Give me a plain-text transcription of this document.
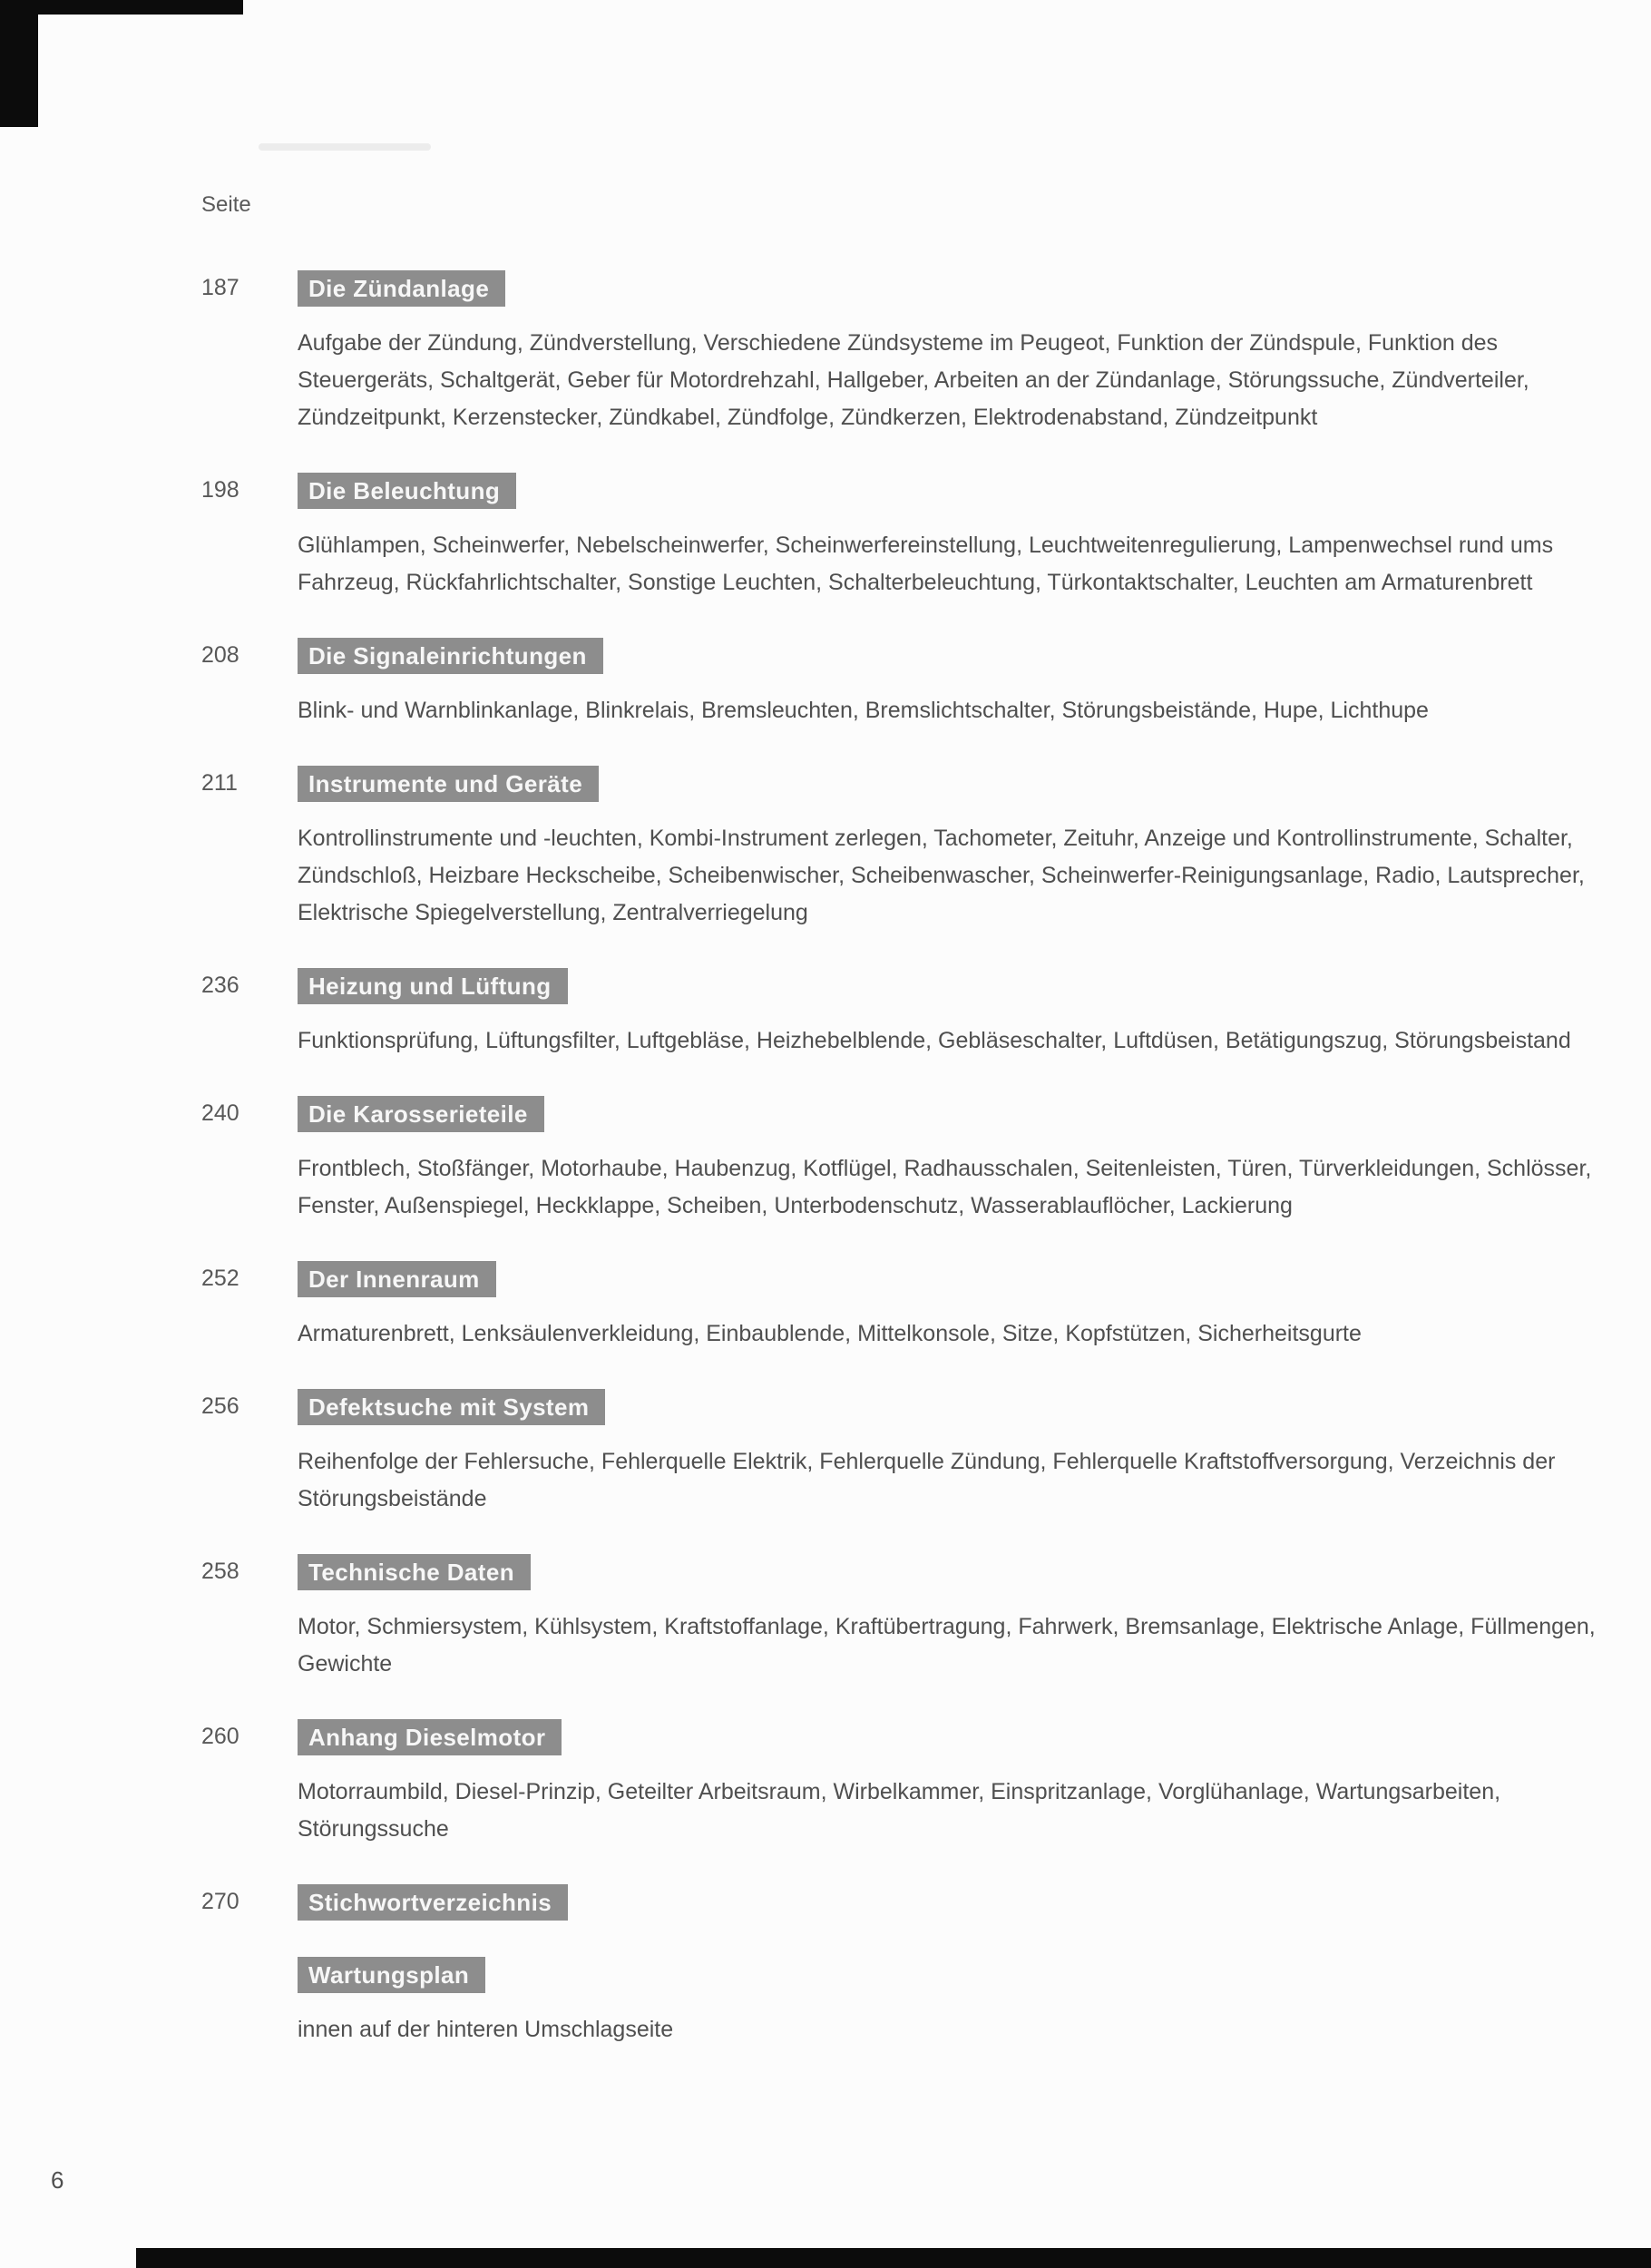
Seite
187	Die Zündanlage

Aufgabe der Zündung, Zündverstellung, Verschiedene Zündsysteme im Peugeot, Funktion der Zündspule, Funktion des Steuergeräts, Schaltgerät, Geber für Motordrehzahl, Hallgeber, Arbeiten an der Zündanlage, Störungssuche, Zündverteiler, Zündzeitpunkt, Kerzenstecker, Zündkabel, Zündfolge, Zündkerzen, Elektrodenabstand, Zündzeitpunkt

198	Die Beleuchtung

Glühlampen, Scheinwerfer, Nebelscheinwerfer, Scheinwerfereinstellung, Leuchtweitenregulierung, Lampenwechsel rund ums Fahrzeug, Rückfahrlichtschalter, Sonstige Leuchten, Schalterbeleuchtung, Türkontaktschalter, Leuchten am Armaturenbrett

208	Die Signaleinrichtungen

Blink- und Warnblinkanlage, Blinkrelais, Bremsleuchten, Bremslichtschalter, Störungsbeistände, Hupe, Lichthupe

211	Instrumente und Geräte

Kontrollinstrumente und -leuchten, Kombi-Instrument zerlegen, Tachometer, Zeituhr, Anzeige und Kontrollinstrumente, Schalter, Zündschloß, Heizbare Heckscheibe, Scheibenwischer, Scheibenwascher, Scheinwerfer-Reinigungsanlage, Radio, Lautsprecher, Elektrische Spiegelverstellung, Zentralverriegelung

236	Heizung und Lüftung

Funktionsprüfung, Lüftungsfilter, Luftgebläse, Heizhebelblende, Gebläseschalter, Luftdüsen, Betätigungszug, Störungsbeistand

240	Die Karosserieteile

Frontblech, Stoßfänger, Motorhaube, Haubenzug, Kotflügel, Radhausschalen, Seitenleisten, Türen, Türverkleidungen, Schlösser, Fenster, Außenspiegel, Heckklappe, Scheiben, Unterbodenschutz, Wasserablauflöcher, Lackierung

252	Der Innenraum

Armaturenbrett, Lenksäulenverkleidung, Einbaublende, Mittelkonsole, Sitze, Kopfstützen, Sicherheitsgurte

256	Defektsuche mit System

Reihenfolge der Fehlersuche, Fehlerquelle Elektrik, Fehlerquelle Zündung, Fehlerquelle Kraftstoffversorgung, Verzeichnis der Störungsbeistände

258	Technische Daten

Motor, Schmiersystem, Kühlsystem, Kraftstoffanlage, Kraftübertragung, Fahrwerk, Bremsanlage, Elektrische Anlage, Füllmengen, Gewichte

260	Anhang Dieselmotor

Motorraumbild, Diesel-Prinzip, Geteilter Arbeitsraum, Wirbelkammer, Einspritzanlage, Vorglühanlage, Wartungsarbeiten, Störungssuche

270	Stichwortverzeichnis
Wartungsplan

innen auf der hinteren Umschlagseite

6
